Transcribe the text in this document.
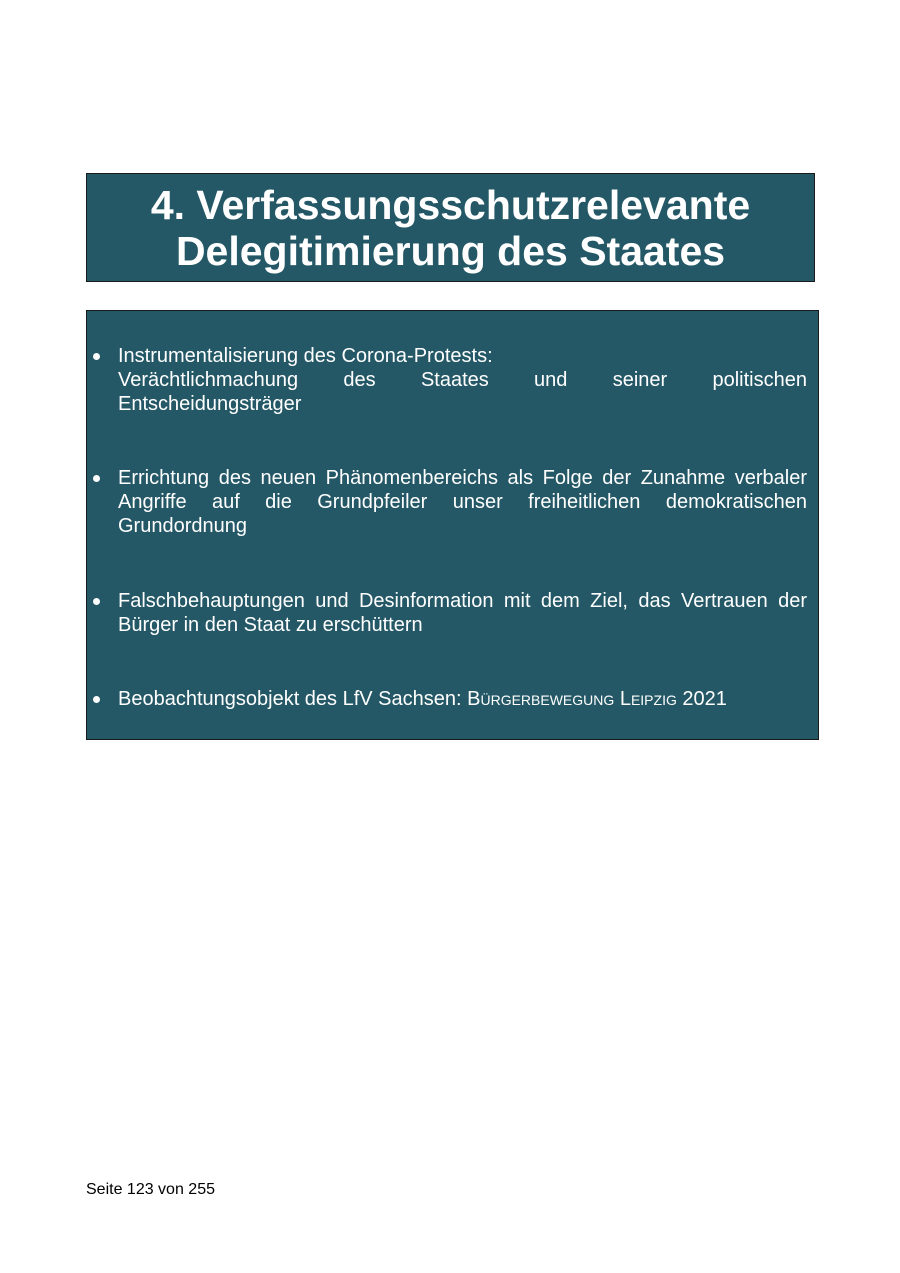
4. Verfassungsschutzrelevante
Delegitimierung des Staates
Instrumentalisierung des Corona-Protests:
Verächtlichmachung des Staates und seiner politischen
Entscheidungsträger
Errichtung des neuen Phänomenbereichs als Folge der Zunahme verbaler
Angriffe auf die Grundpfeiler unser freiheitlichen demokratischen
Grundordnung
Falschbehauptungen und Desinformation mit dem Ziel, das Vertrauen der
Bürger in den Staat zu erschüttern
Beobachtungsobjekt des LfV Sachsen: Bürgerbewegung Leipzig 2021
Seite 123 von 255
